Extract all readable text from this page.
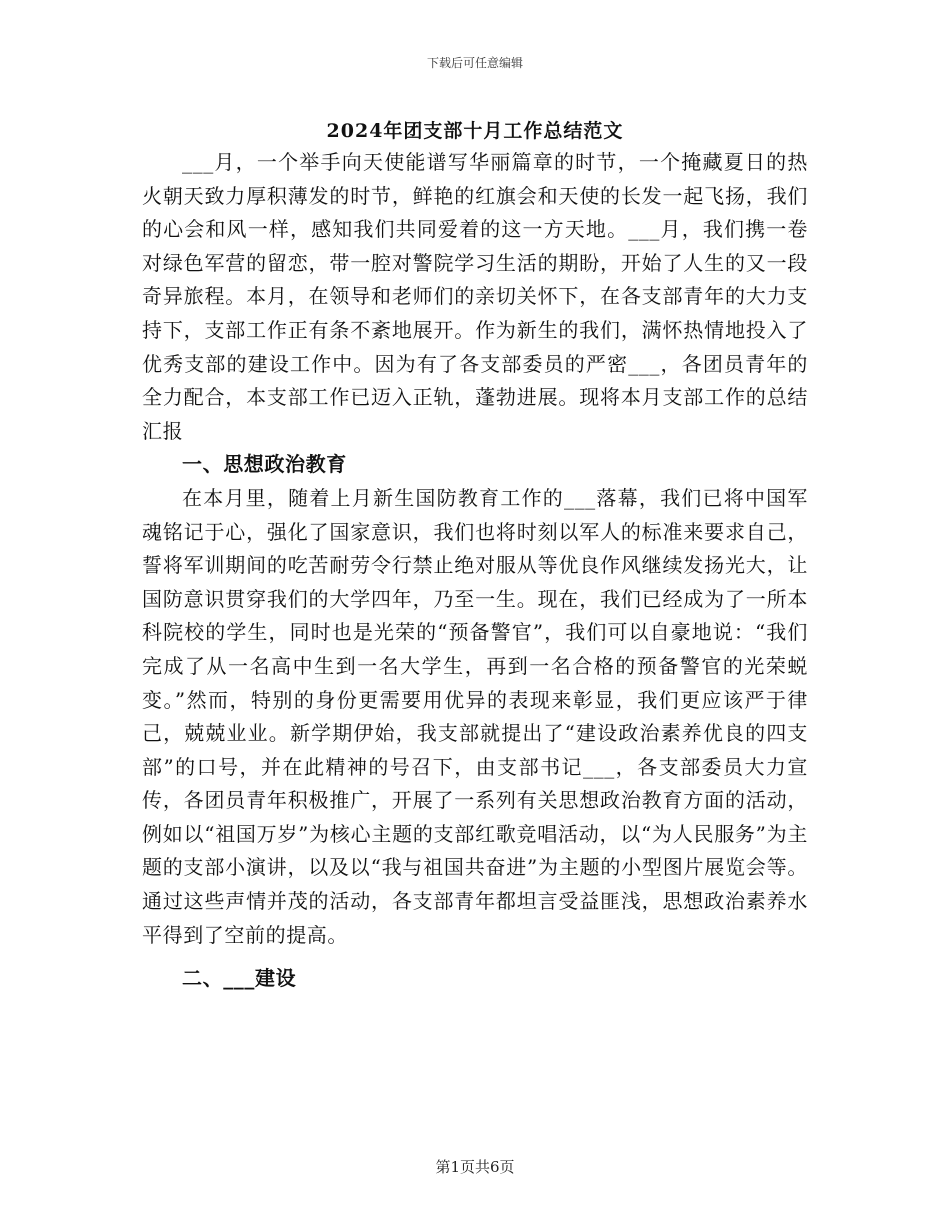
下载后可任意编辑
2024年团支部十月工作总结范文

___月，一个举手向天使能谱写华丽篇章的时节，一个掩藏夏日的热火朝天致力厚积薄发的时节，鲜艳的红旗会和天使的长发一起飞扬，我们的心会和风一样，感知我们共同爱着的这一方天地。___月，我们携一卷对绿色军营的留恋，带一腔对警院学习生活的期盼，开始了人生的又一段奇异旅程。本月，在领导和老师们的亲切关怀下，在各支部青年的大力支持下，支部工作正有条不紊地展开。作为新生的我们，满怀热情地投入了优秀支部的建设工作中。因为有了各支部委员的严密___，各团员青年的全力配合，本支部工作已迈入正轨，蓬勃进展。现将本月支部工作的总结汇报

一、思想政治教育

在本月里，随着上月新生国防教育工作的___落幕，我们已将中国军魂铭记于心，强化了国家意识，我们也将时刻以军人的标准来要求自己，誓将军训期间的吃苦耐劳令行禁止绝对服从等优良作风继续发扬光大，让国防意识贯穿我们的大学四年，乃至一生。现在，我们已经成为了一所本科院校的学生，同时也是光荣的“预备警官”，我们可以自豪地说：“我们完成了从一名高中生到一名大学生，再到一名合格的预备警官的光荣蜕变。”然而，特别的身份更需要用优异的表现来彰显，我们更应该严于律己，兢兢业业。新学期伊始，我支部就提出了“建设政治素养优良的四支部”的口号，并在此精神的号召下，由支部书记___，各支部委员大力宣传，各团员青年积极推广，开展了一系列有关思想政治教育方面的活动，例如以“祖国万岁”为核心主题的支部红歌竞唱活动，以“为人民服务”为主题的支部小演讲，以及以“我与祖国共奋进”为主题的小型图片展览会等。通过这些声情并茂的活动，各支部青年都坦言受益匪浅，思想政治素养水平得到了空前的提高。

二、___建设
第1页共6页
